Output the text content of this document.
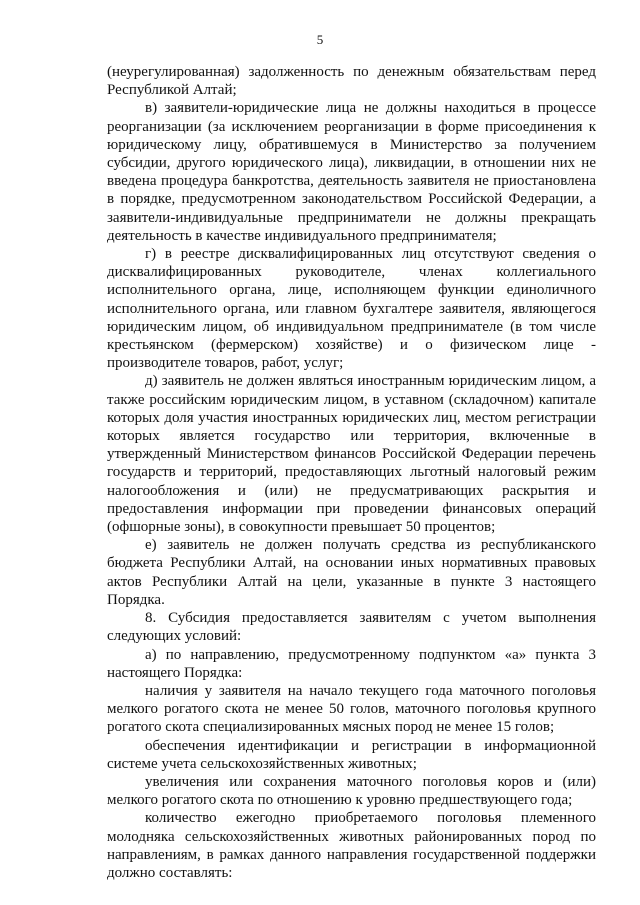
5

(неурегулированная) задолженность по денежным обязательствам перед Республикой Алтай;

в) заявители-юридические лица не должны находиться в процессе реорганизации (за исключением реорганизации в форме присоединения к юридическому лицу, обратившемуся в Министерство за получением субсидии, другого юридического лица), ликвидации, в отношении них не введена процедура банкротства, деятельность заявителя не приостановлена в порядке, предусмотренном законодательством Российской Федерации, а заявители-индивидуальные предприниматели не должны прекращать деятельность в качестве индивидуального предпринимателя;

г) в реестре дисквалифицированных лиц отсутствуют сведения о дисквалифицированных руководителе, членах коллегиального исполнительного органа, лице, исполняющем функции единоличного исполнительного органа, или главном бухгалтере заявителя, являющегося юридическим лицом, об индивидуальном предпринимателе (в том числе крестьянском (фермерском) хозяйстве) и о физическом лице - производителе товаров, работ, услуг;

д) заявитель не должен являться иностранным юридическим лицом, а также российским юридическим лицом, в уставном (складочном) капитале которых доля участия иностранных юридических лиц, местом регистрации которых является государство или территория, включенные в утвержденный Министерством финансов Российской Федерации перечень государств и территорий, предоставляющих льготный налоговый режим налогообложения и (или) не предусматривающих раскрытия и предоставления информации при проведении финансовых операций (офшорные зоны), в совокупности превышает 50 процентов;

е) заявитель не должен получать средства из республиканского бюджета Республики Алтай, на основании иных нормативных правовых актов Республики Алтай на цели, указанные в пункте 3 настоящего Порядка.

8. Субсидия предоставляется заявителям с учетом выполнения следующих условий:

а) по направлению, предусмотренному подпунктом «а» пункта 3 настоящего Порядка:

наличия у заявителя на начало текущего года маточного поголовья мелкого рогатого скота не менее 50 голов, маточного поголовья крупного рогатого скота специализированных мясных пород не менее 15 голов;

обеспечения идентификации и регистрации в информационной системе учета сельскохозяйственных животных;

увеличения или сохранения маточного поголовья коров и (или) мелкого рогатого скота по отношению к уровню предшествующего года;

количество ежегодно приобретаемого поголовья племенного молодняка сельскохозяйственных животных районированных пород по направлениям, в рамках данного направления государственной поддержки должно составлять:
